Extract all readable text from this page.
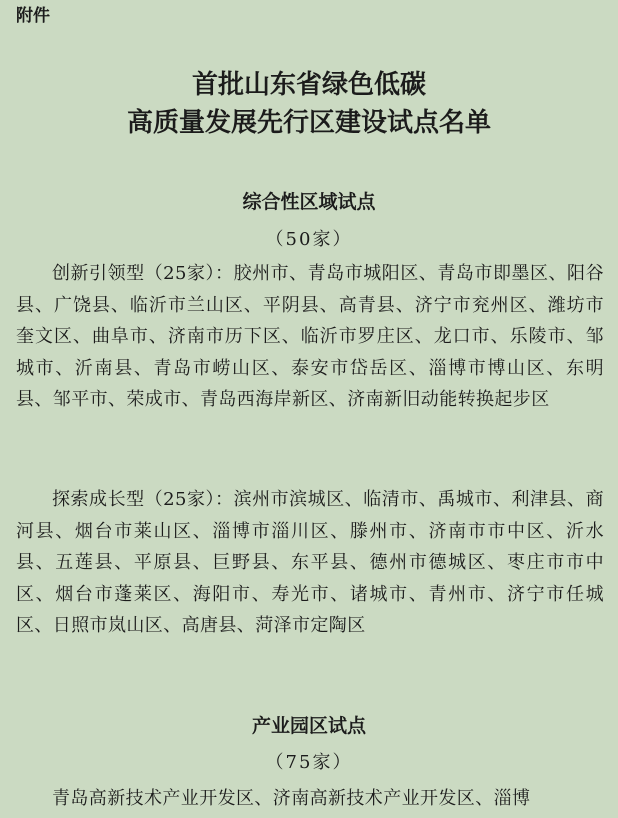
附件
首批山东省绿色低碳
高质量发展先行区建设试点名单
综合性区域试点
（50家）
创新引领型（25家）：胶州市、青岛市城阳区、青岛市即墨区、阳谷县、广饶县、临沂市兰山区、平阴县、高青县、济宁市兖州区、潍坊市奎文区、曲阜市、济南市历下区、临沂市罗庄区、龙口市、乐陵市、邹城市、沂南县、青岛市崂山区、泰安市岱岳区、淄博市博山区、东明县、邹平市、荣成市、青岛西海岸新区、济南新旧动能转换起步区
探索成长型（25家）：滨州市滨城区、临清市、禹城市、利津县、商河县、烟台市莱山区、淄博市淄川区、滕州市、济南市市中区、沂水县、五莲县、平原县、巨野县、东平县、德州市德城区、枣庄市市中区、烟台市蓬莱区、海阳市、寿光市、诸城市、青州市、济宁市任城区、日照市岚山区、高唐县、菏泽市定陶区
产业园区试点
（75家）
青岛高新技术产业开发区、济南高新技术产业开发区、淄博
